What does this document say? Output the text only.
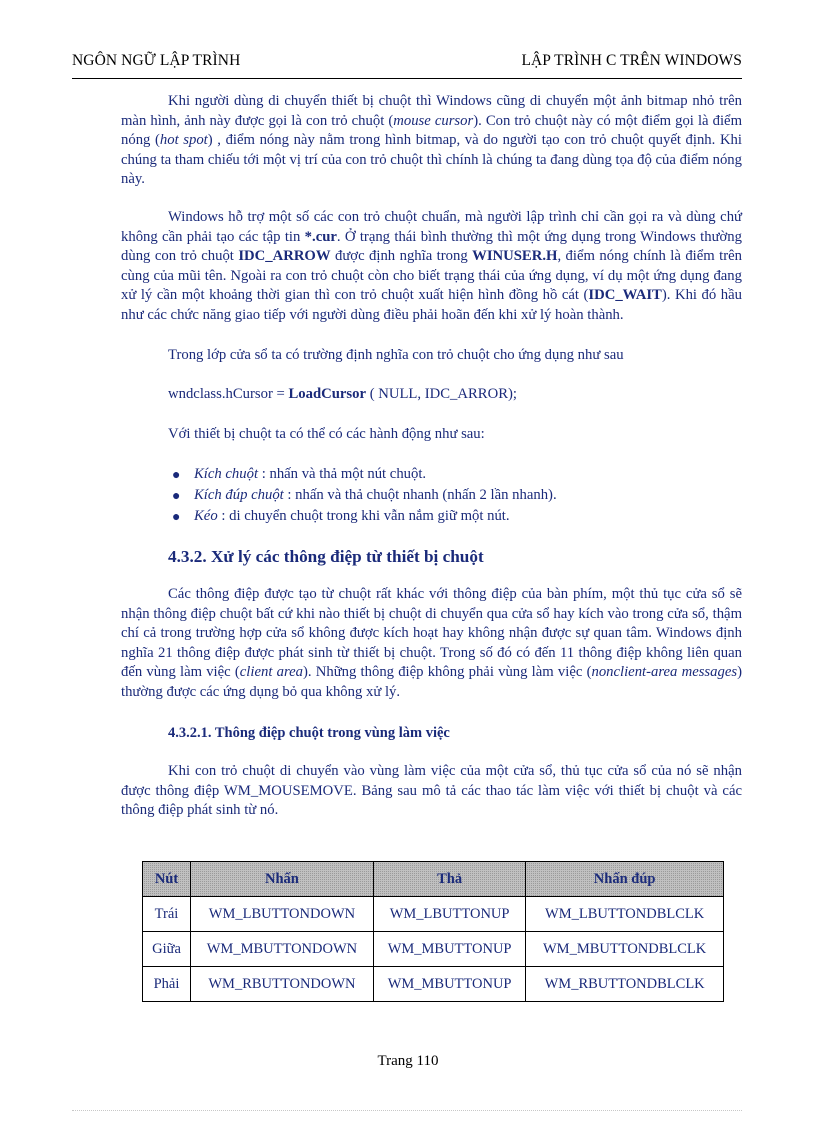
NGÔN NGỮ LẬP TRÌNH	LẬP TRÌNH C TRÊN WINDOWS

Khi người dùng di chuyển thiết bị chuột thì Windows cũng di chuyển một ảnh bitmap nhỏ trên màn hình, ảnh này được gọi là con trỏ chuột (mouse cursor). Con trỏ chuột này có một điểm gọi là điểm nóng (hot spot) , điểm nóng này nằm trong hình bitmap, và do người tạo con trỏ chuột quyết định. Khi chúng ta tham chiếu tới một vị trí của con trỏ chuột thì chính là chúng ta đang dùng tọa độ của điểm nóng này.

Windows hỗ trợ một số các con trỏ chuột chuẩn, mà người lập trình chỉ cần gọi ra và dùng chứ không cần phải tạo các tập tin *.cur. Ở trạng thái bình thường thì một ứng dụng trong Windows thường dùng con trỏ chuột IDC_ARROW được định nghĩa trong WINUSER.H, điểm nóng chính là điểm trên cùng của mũi tên. Ngoài ra con trỏ chuột còn cho biết trạng thái của ứng dụng, ví dụ một ứng dụng đang xử lý cần một khoảng thời gian thì con trỏ chuột xuất hiện hình đồng hồ cát (IDC_WAIT). Khi đó hầu như các chức năng giao tiếp với người dùng điều phải hoãn đến khi xử lý hoàn thành.

Trong lớp cửa sổ ta có trường định nghĩa con trỏ chuột cho ứng dụng như sau

wndclass.hCursor = LoadCursor ( NULL, IDC_ARROR);

Với thiết bị chuột ta có thể có các hành động như sau:

● Kích chuột : nhấn và thả một nút chuột.
● Kích đúp chuột : nhấn và thả chuột nhanh (nhấn 2 lần nhanh).
● Kéo : di chuyển chuột trong khi vẫn nắm giữ một nút.
4.3.2. Xử lý các thông điệp từ thiết bị chuột

Các thông điệp được tạo từ chuột rất khác với thông điệp của bàn phím, một thủ tục cửa sổ sẽ nhận thông điệp chuột bất cứ khi nào thiết bị chuột di chuyển qua cửa sổ hay kích vào trong cửa sổ, thậm chí cả trong trường hợp cửa sổ không được kích hoạt hay không nhận được sự quan tâm. Windows định nghĩa 21 thông điệp được phát sinh từ thiết bị chuột. Trong số đó có đến 11 thông điệp không liên quan đến vùng làm việc (client area). Những thông điệp không phải vùng làm việc (nonclient-area messages) thường được các ứng dụng bỏ qua không xử lý.

4.3.2.1. Thông điệp chuột trong vùng làm việc

Khi con trỏ chuột di chuyển vào vùng làm việc của một cửa sổ, thủ tục cửa sổ của nó sẽ nhận được thông điệp WM_MOUSEMOVE. Bảng sau mô tả các thao tác làm việc với thiết bị chuột và các thông điệp phát sinh từ nó.

Nút	Nhấn	Thả	Nhấn đúp
Trái	WM_LBUTTONDOWN	WM_LBUTTONUP	WM_LBUTTONDBLCLK
Giữa	WM_MBUTTONDOWN	WM_MBUTTONUP	WM_MBUTTONDBLCLK
Phải	WM_RBUTTONDOWN	WM_MBUTTONUP	WM_RBUTTONDBLCLK
Trang 110
